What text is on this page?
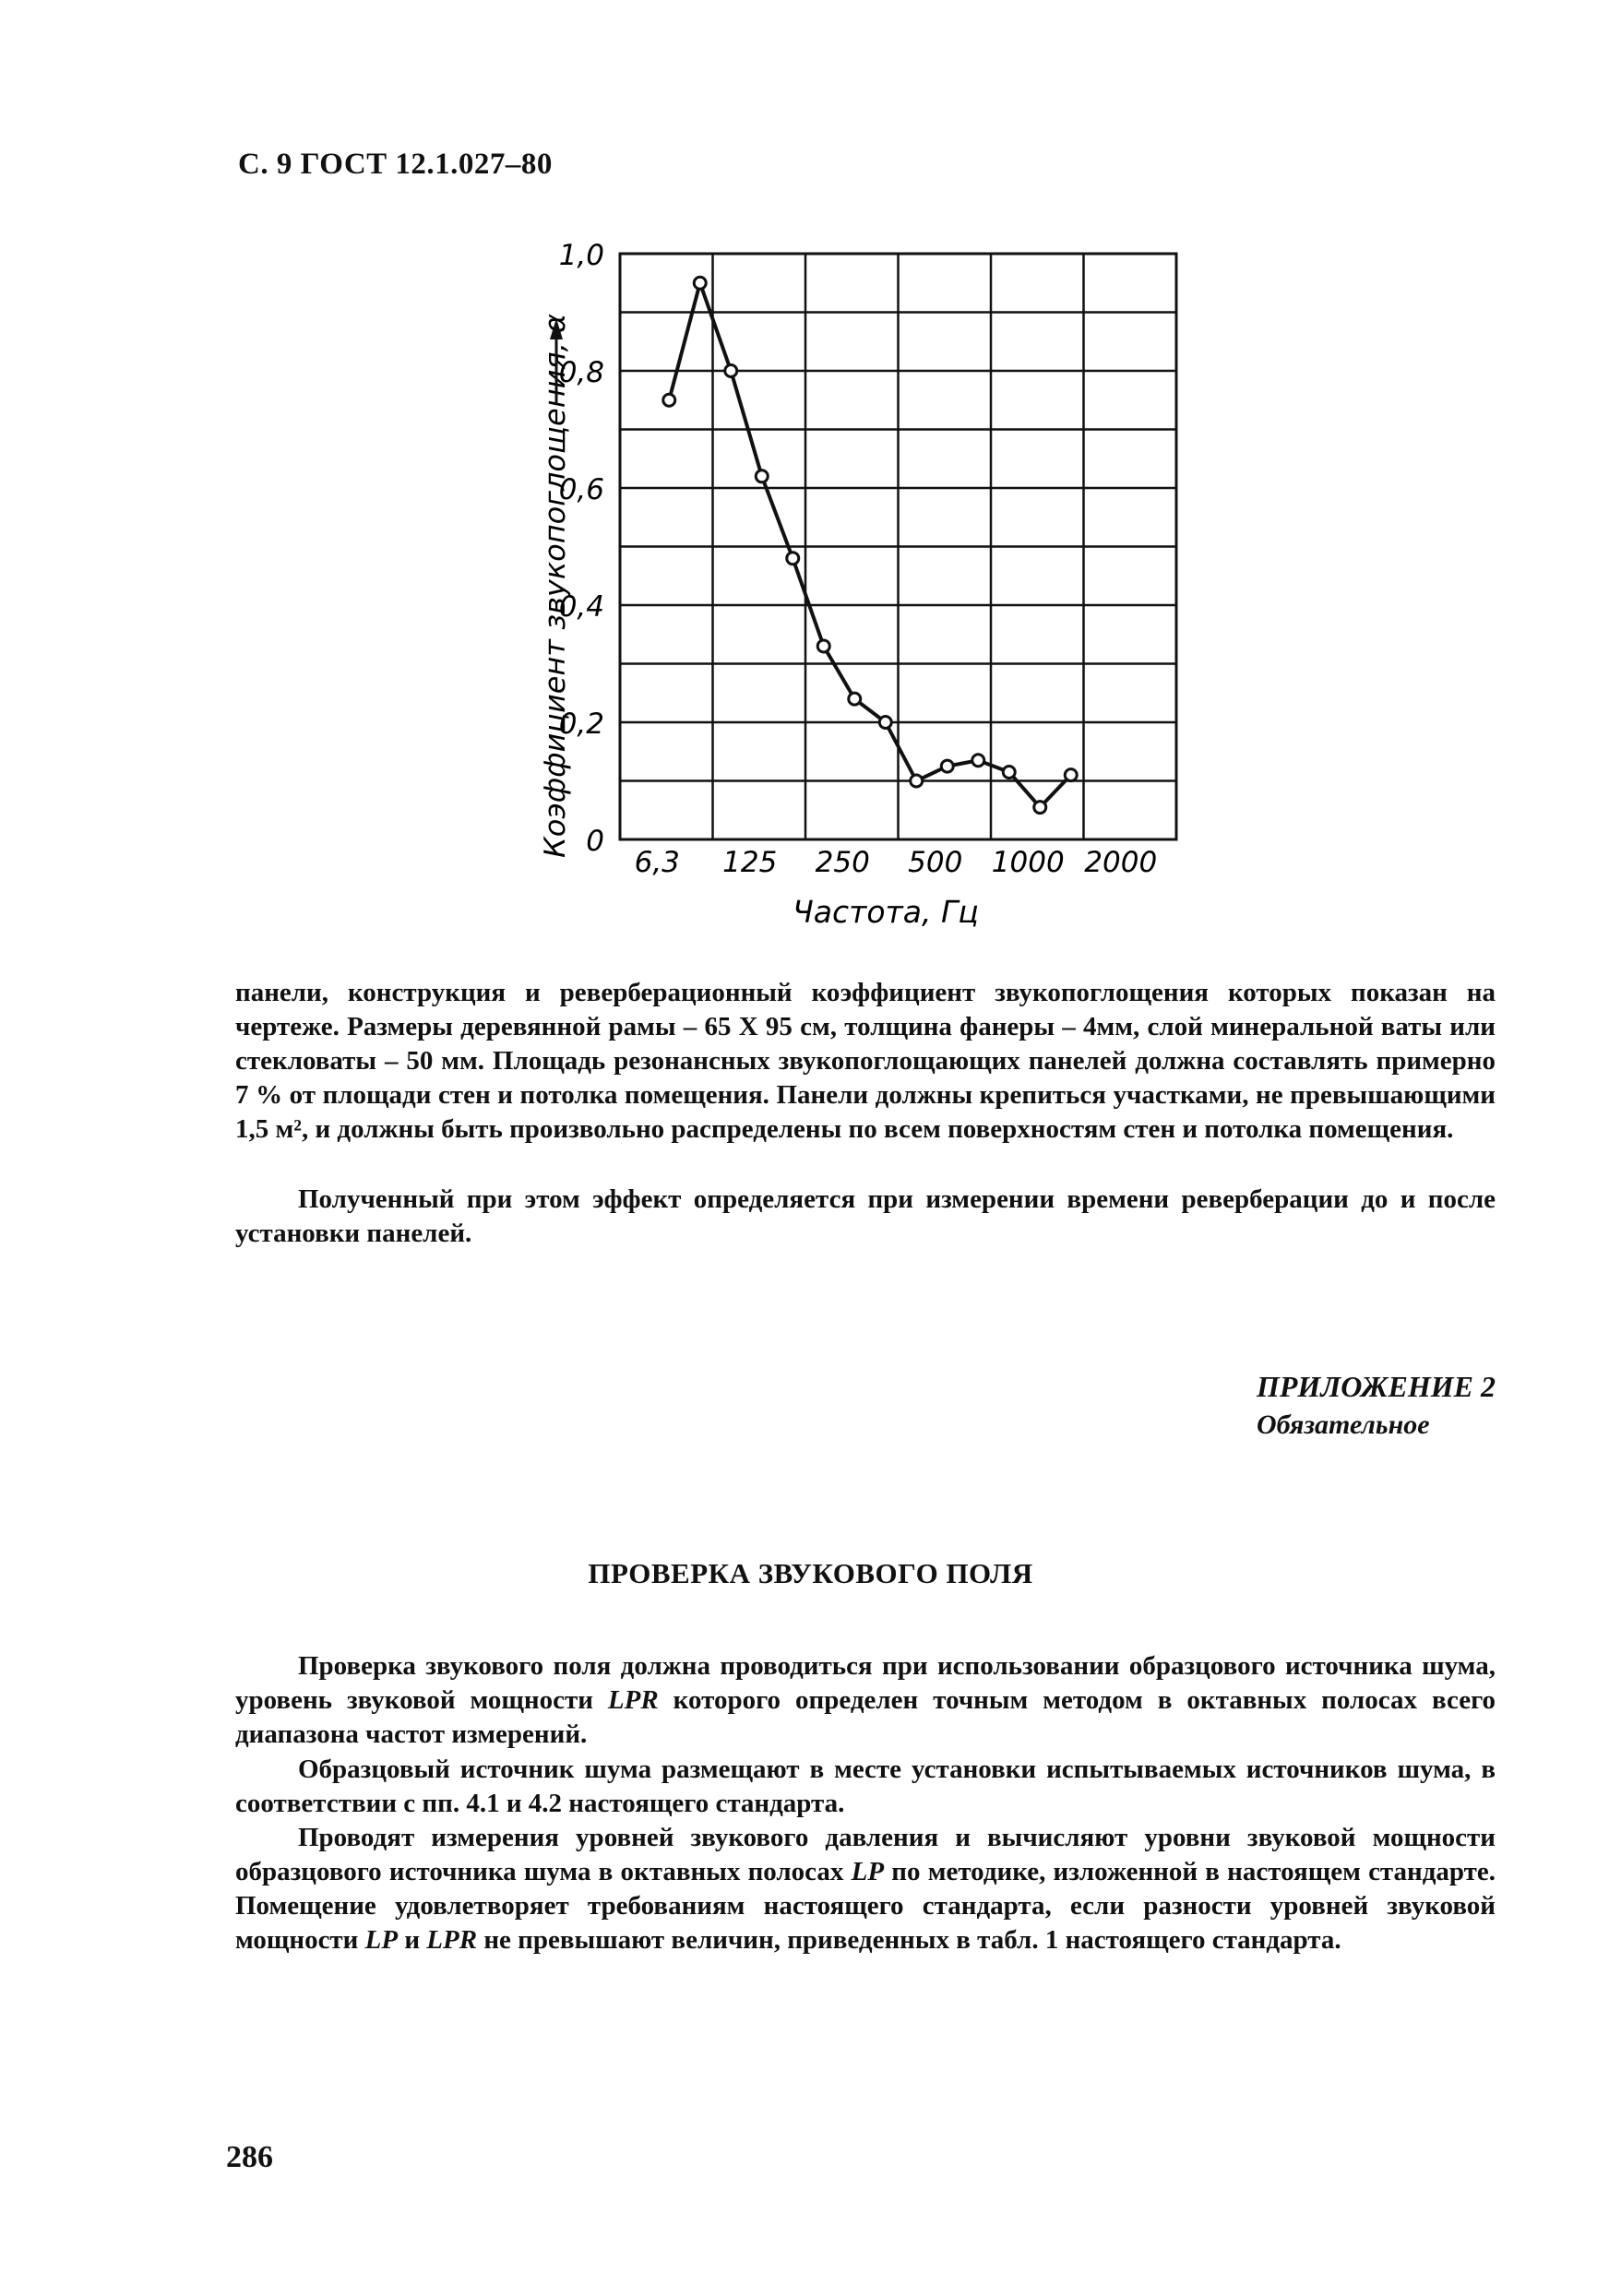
С. 9 ГОСТ 12.1.027–80
0
0,2
0,4
0,6
0,8
1,0
6,3 125 250 500 1000 2000
Частота, Гц
Коэффициент звукопоглощения, α
панели, конструкция и реверберационный коэффициент звукопоглощения которых показан на чертеже. Размеры деревянной рамы – 65 Х 95 см, толщина фанеры – 4мм, слой минеральной ваты или стекловаты – 50 мм. Площадь резонансных звукопоглощающих панелей должна составлять примерно 7 % от площади стен и потолка помещения. Панели должны крепиться участками, не превышающими 1,5 м², и должны быть произвольно распределены по всем поверхностям стен и потолка помещения.
Полученный при этом эффект определяется при измерении времени реверберации до и после установки панелей.
ПРИЛОЖЕНИЕ 2
Обязательное
ПРОВЕРКА ЗВУКОВОГО ПОЛЯ
Проверка звукового поля должна проводиться при использовании образцового источника шума, уровень звуковой мощности LPR которого определен точным методом в октавных полосах всего диапазона частот измерений.
Образцовый источник шума размещают в месте установки испытываемых источников шума, в соответствии с пп. 4.1 и 4.2 настоящего стандарта.
Проводят измерения уровней звукового давления и вычисляют уровни звуковой мощности образцового источника шума в октавных полосах LP по методике, изложенной в настоящем стандарте. Помещение удовлетворяет требованиям настоящего стандарта, если разности уровней звуковой мощности LP и LPR не превышают величин, приведенных в табл. 1 настоящего стандарта.
286
